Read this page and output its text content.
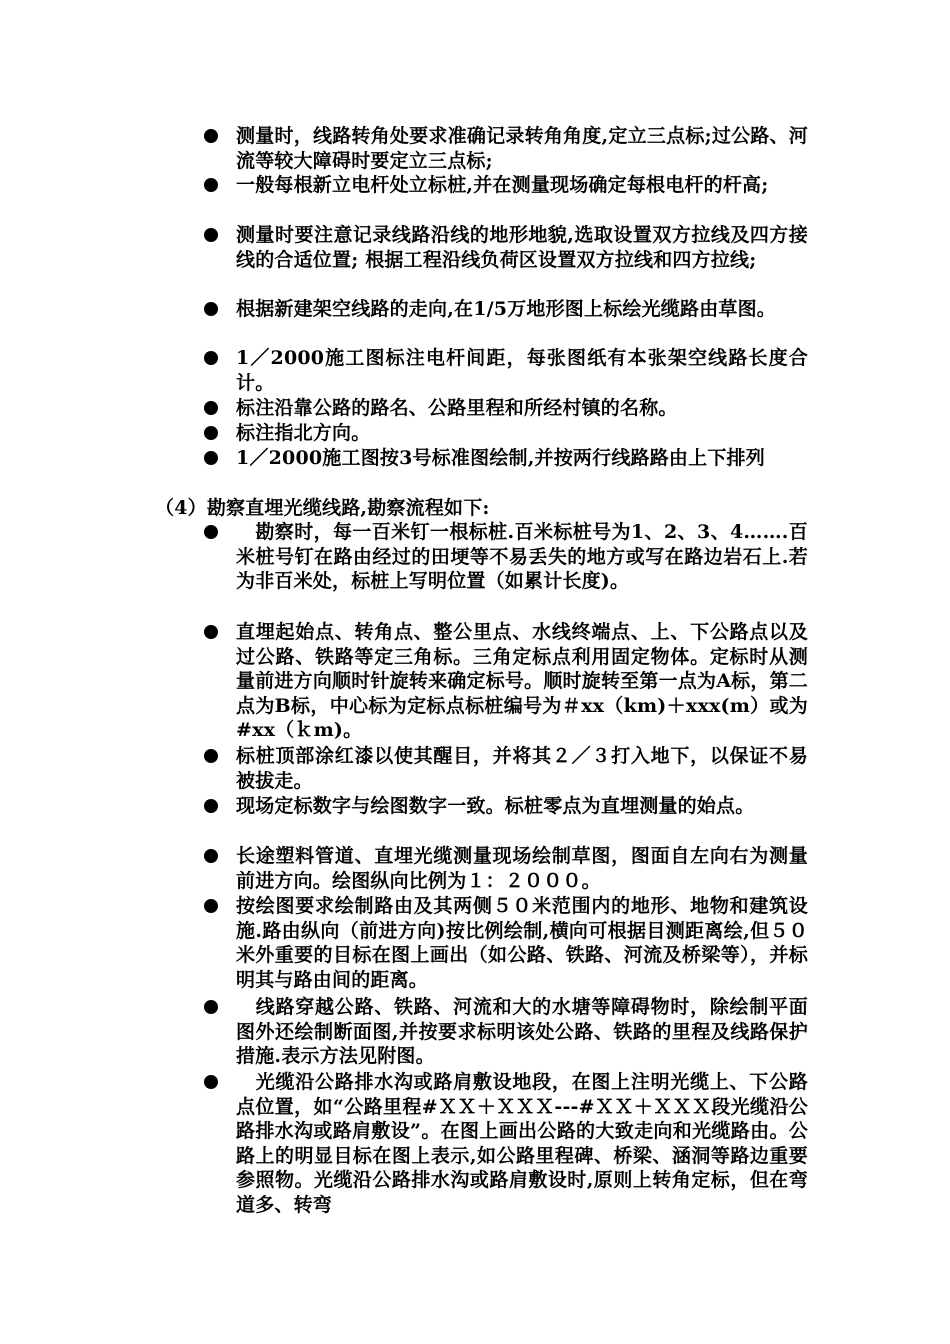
测量时，线路转角处要求准确记录转角角度,定立三点标;过公路、河流等较大障碍时要定立三点标;
一般每根新立电杆处立标桩,并在测量现场确定每根电杆的杆高;
测量时要注意记录线路沿线的地形地貌,选取设置双方拉线及四方接线的合适位置; 根据工程沿线负荷区设置双方拉线和四方拉线;
根据新建架空线路的走向,在1/5万地形图上标绘光缆路由草图。
1／2000施工图标注电杆间距，每张图纸有本张架空线路长度合计。
标注沿靠公路的路名、公路里程和所经村镇的名称。
标注指北方向。
1／2000施工图按3号标准图绘制,并按两行线路路由上下排列
（4）勘察直埋光缆线路,勘察流程如下:
　勘察时，每一百米钉一根标桩.百米标桩号为1、2、3、4…….百米桩号钉在路由经过的田埂等不易丢失的地方或写在路边岩石上.若为非百米处，标桩上写明位置（如累计长度)。
直埋起始点、转角点、整公里点、水线终端点、上、下公路点以及过公路、铁路等定三角标。三角定标点利用固定物体。定标时从测量前进方向顺时针旋转来确定标号。顺时旋转至第一点为A标，第二点为B标，中心标为定标点标桩编号为＃xx（km)＋xxx(m）或为#xx（ｋm)。
标桩顶部涂红漆以使其醒目，并将其２／３打入地下，以保证不易被拔走。
现场定标数字与绘图数字一致。标桩零点为直埋测量的始点。
长途塑料管道、直埋光缆测量现场绘制草图，图面自左向右为测量前进方向。绘图纵向比例为１：２０００。
按绘图要求绘制路由及其两侧５０米范围内的地形、地物和建筑设施.路由纵向（前进方向)按比例绘制,横向可根据目测距离绘,但５０米外重要的目标在图上画出（如公路、铁路、河流及桥梁等），并标明其与路由间的距离。
　线路穿越公路、铁路、河流和大的水塘等障碍物时，除绘制平面图外还绘制断面图,并按要求标明该处公路、铁路的里程及线路保护措施.表示方法见附图。
　光缆沿公路排水沟或路肩敷设地段，在图上注明光缆上、下公路点位置，如“公路里程#ＸＸ＋ＸＸＸ---#ＸＸ＋ＸＸＸ段光缆沿公路排水沟或路肩敷设”。在图上画出公路的大致走向和光缆路由。公路上的明显目标在图上表示,如公路里程碑、桥梁、涵洞等路边重要参照物。光缆沿公路排水沟或路肩敷设时,原则上转角定标，但在弯道多、转弯
